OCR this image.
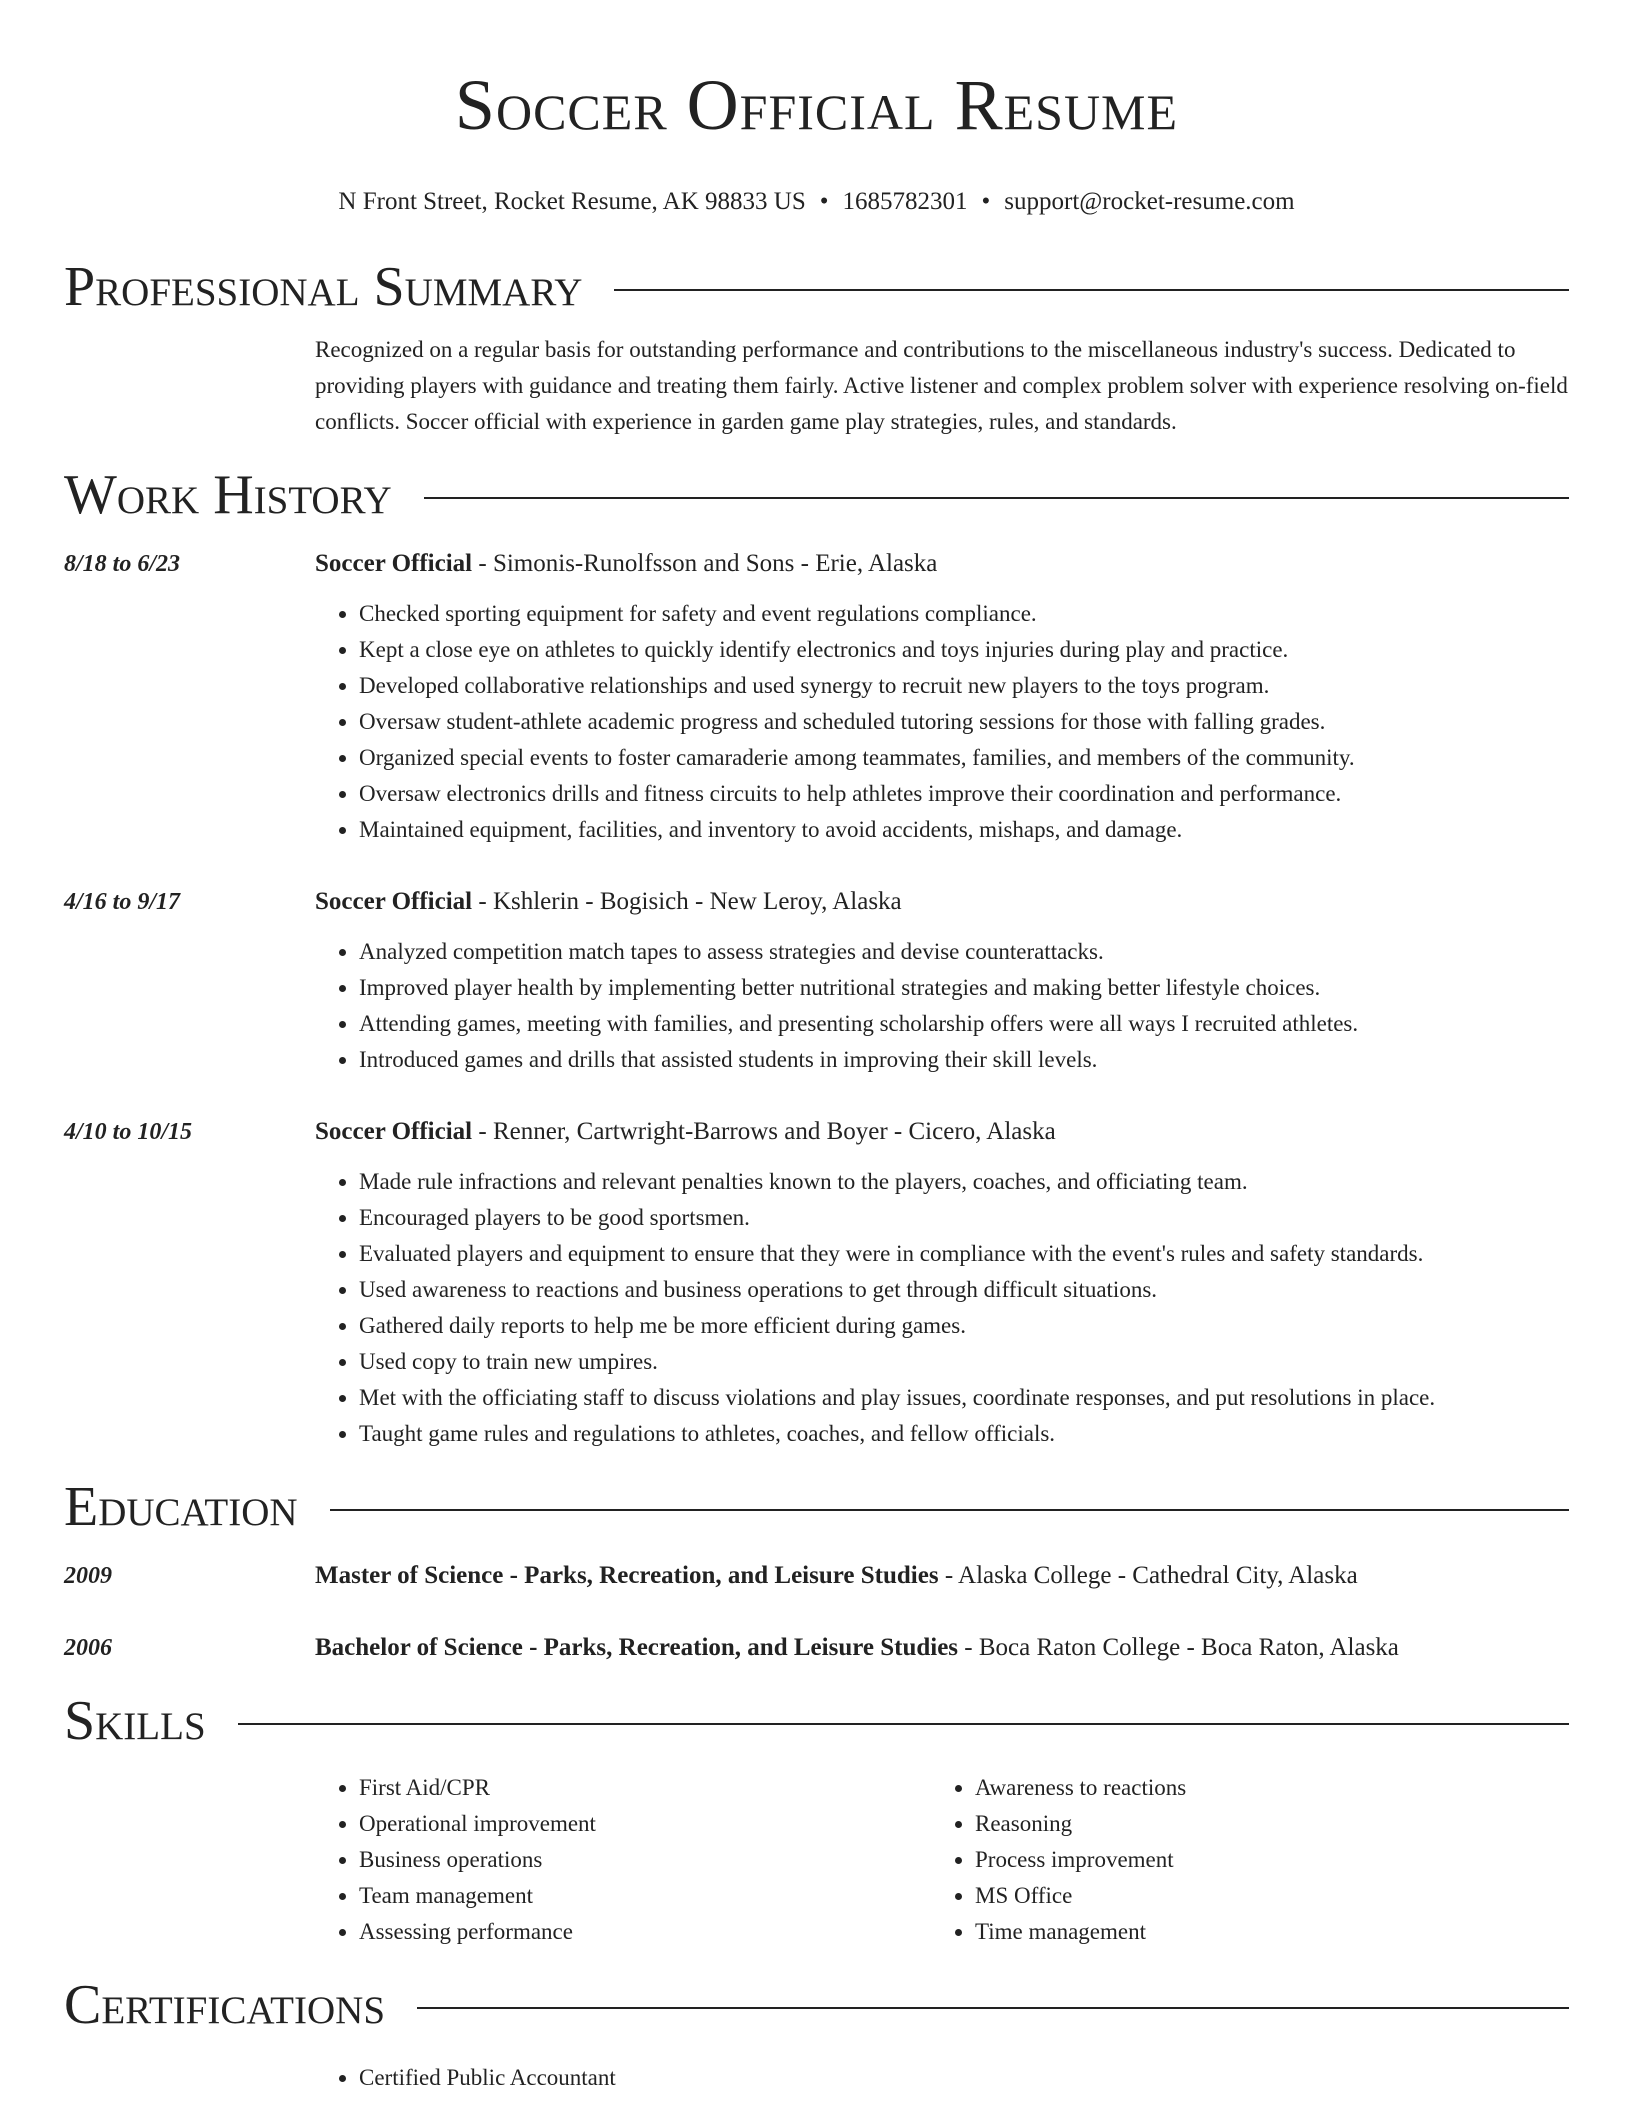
Soccer Official Resume
N Front Street, Rocket Resume, AK 98833 US • 1685782301 • support@rocket-resume.com
Professional Summary
Recognized on a regular basis for outstanding performance and contributions to the miscellaneous industry's success. Dedicated to providing players with guidance and treating them fairly. Active listener and complex problem solver with experience resolving on-field conflicts. Soccer official with experience in garden game play strategies, rules, and standards.
Work History
8/18 to 6/23	Soccer Official - Simonis-Runolfsson and Sons - Erie, Alaska
• Checked sporting equipment for safety and event regulations compliance.
• Kept a close eye on athletes to quickly identify electronics and toys injuries during play and practice.
• Developed collaborative relationships and used synergy to recruit new players to the toys program.
• Oversaw student-athlete academic progress and scheduled tutoring sessions for those with falling grades.
• Organized special events to foster camaraderie among teammates, families, and members of the community.
• Oversaw electronics drills and fitness circuits to help athletes improve their coordination and performance.
• Maintained equipment, facilities, and inventory to avoid accidents, mishaps, and damage.
4/16 to 9/17	Soccer Official - Kshlerin - Bogisich - New Leroy, Alaska
• Analyzed competition match tapes to assess strategies and devise counterattacks.
• Improved player health by implementing better nutritional strategies and making better lifestyle choices.
• Attending games, meeting with families, and presenting scholarship offers were all ways I recruited athletes.
• Introduced games and drills that assisted students in improving their skill levels.
4/10 to 10/15	Soccer Official - Renner, Cartwright-Barrows and Boyer - Cicero, Alaska
• Made rule infractions and relevant penalties known to the players, coaches, and officiating team.
• Encouraged players to be good sportsmen.
• Evaluated players and equipment to ensure that they were in compliance with the event's rules and safety standards.
• Used awareness to reactions and business operations to get through difficult situations.
• Gathered daily reports to help me be more efficient during games.
• Used copy to train new umpires.
• Met with the officiating staff to discuss violations and play issues, coordinate responses, and put resolutions in place.
• Taught game rules and regulations to athletes, coaches, and fellow officials.
Education
2009	Master of Science - Parks, Recreation, and Leisure Studies - Alaska College - Cathedral City, Alaska
2006	Bachelor of Science - Parks, Recreation, and Leisure Studies - Boca Raton College - Boca Raton, Alaska
Skills
• First Aid/CPR
• Operational improvement
• Business operations
• Team management
• Assessing performance
• Awareness to reactions
• Reasoning
• Process improvement
• MS Office
• Time management
Certifications
• Certified Public Accountant
